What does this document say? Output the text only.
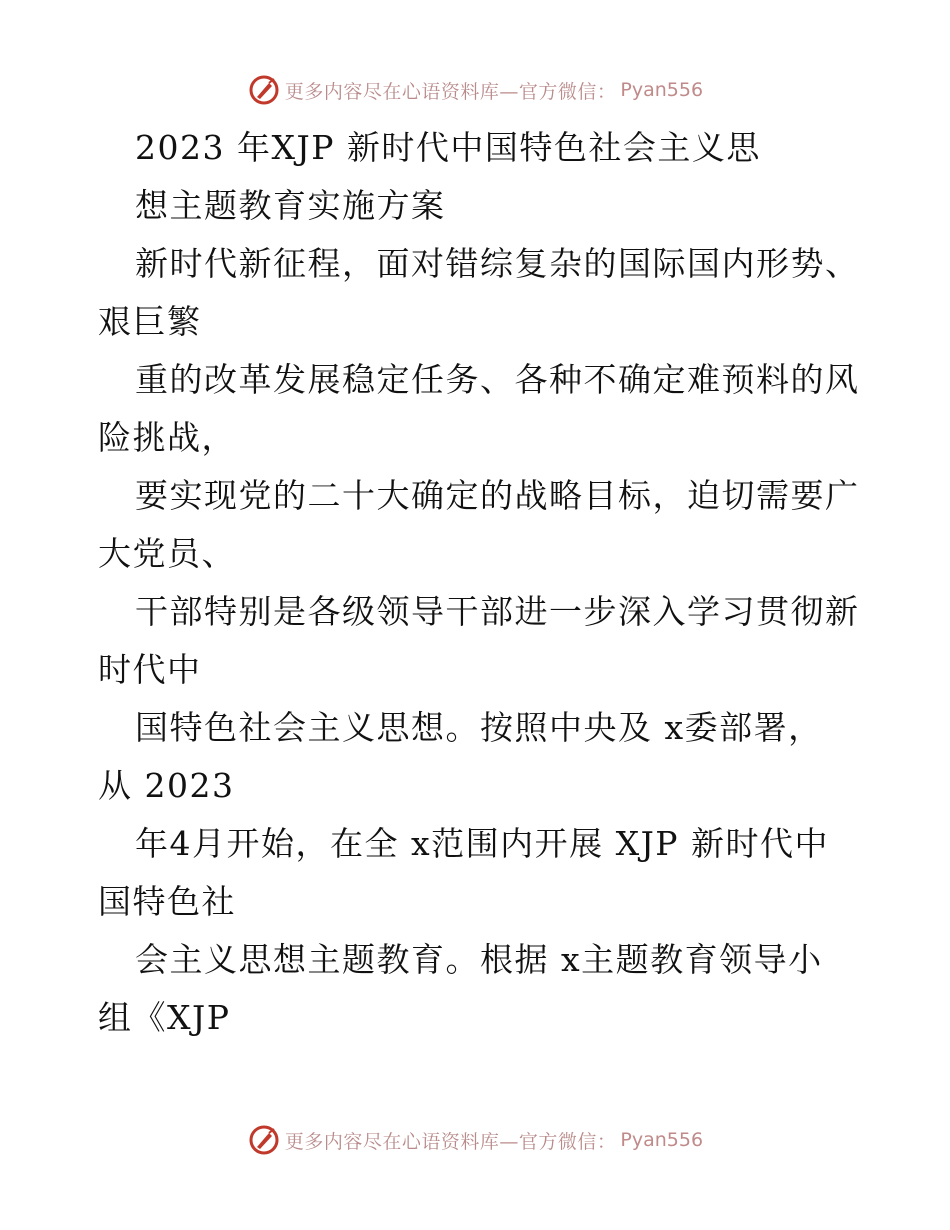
更多内容尽在心语资料库—官方微信： Pyan556
2023 年XJP 新时代中国特色社会主义思
想主题教育实施方案
新时代新征程，面对错综复杂的国际国内形势、
艰巨繁
重的改革发展稳定任务、各种不确定难预料的风
险挑战，
要实现党的二十大确定的战略目标，迫切需要广
大党员、
干部特别是各级领导干部进一步深入学习贯彻新
时代中
国特色社会主义思想。按照中央及 x委部署，
从 2023
年4月开始，在全 x范围内开展 XJP 新时代中
国特色社
会主义思想主题教育。根据 x主题教育领导小
组《XJP
更多内容尽在心语资料库—官方微信： Pyan556
